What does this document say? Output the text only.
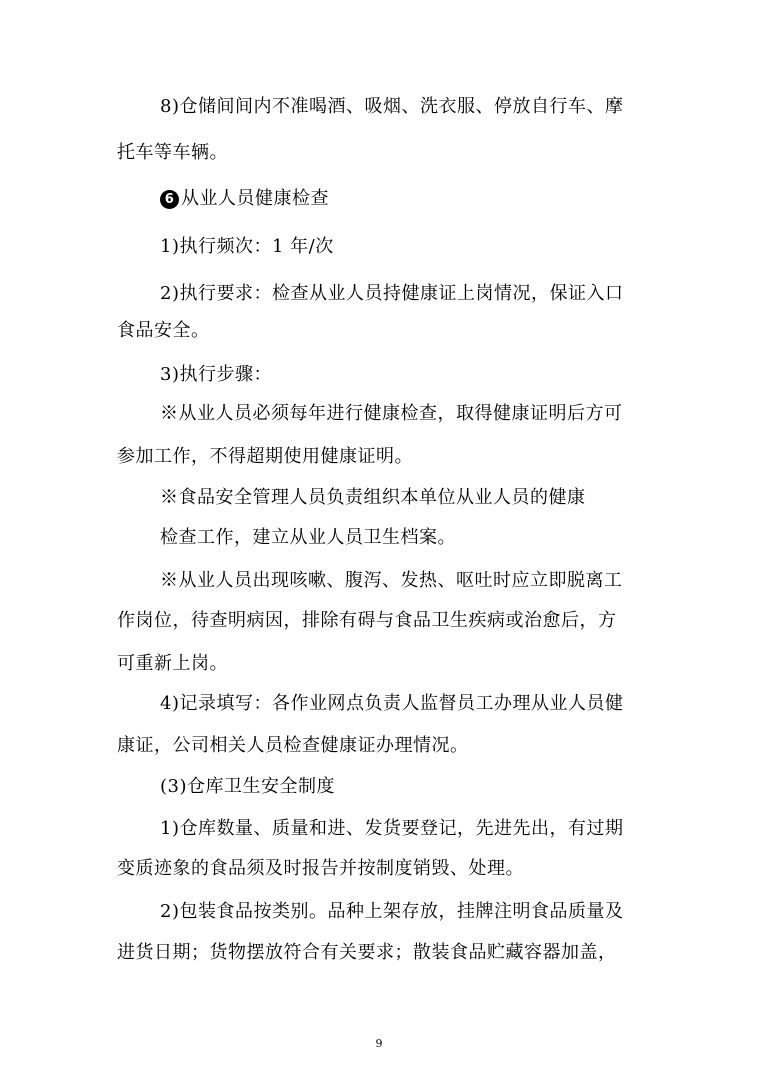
8)仓储间间内不准喝酒、吸烟、洗衣服、停放自行车、摩
托车等车辆。
6 从业人员健康检查
1)执行频次：1 年/次
2)执行要求：检查从业人员持健康证上岗情况，保证入口
食品安全。
3)执行步骤：
※从业人员必须每年进行健康检查，取得健康证明后方可
参加工作，不得超期使用健康证明。
※食品安全管理人员负责组织本单位从业人员的健康
检查工作，建立从业人员卫生档案。
※从业人员出现咳嗽、腹泻、发热、呕吐时应立即脱离工
作岗位，待查明病因，排除有碍与食品卫生疾病或治愈后，方
可重新上岗。
4)记录填写：各作业网点负责人监督员工办理从业人员健
康证，公司相关人员检查健康证办理情况。
(3)仓库卫生安全制度
1)仓库数量、质量和进、发货要登记，先进先出，有过期
变质迹象的食品须及时报告并按制度销毁、处理。
2)包装食品按类别。品种上架存放，挂牌注明食品质量及
进货日期；货物摆放符合有关要求；散装食品贮藏容器加盖，
9
